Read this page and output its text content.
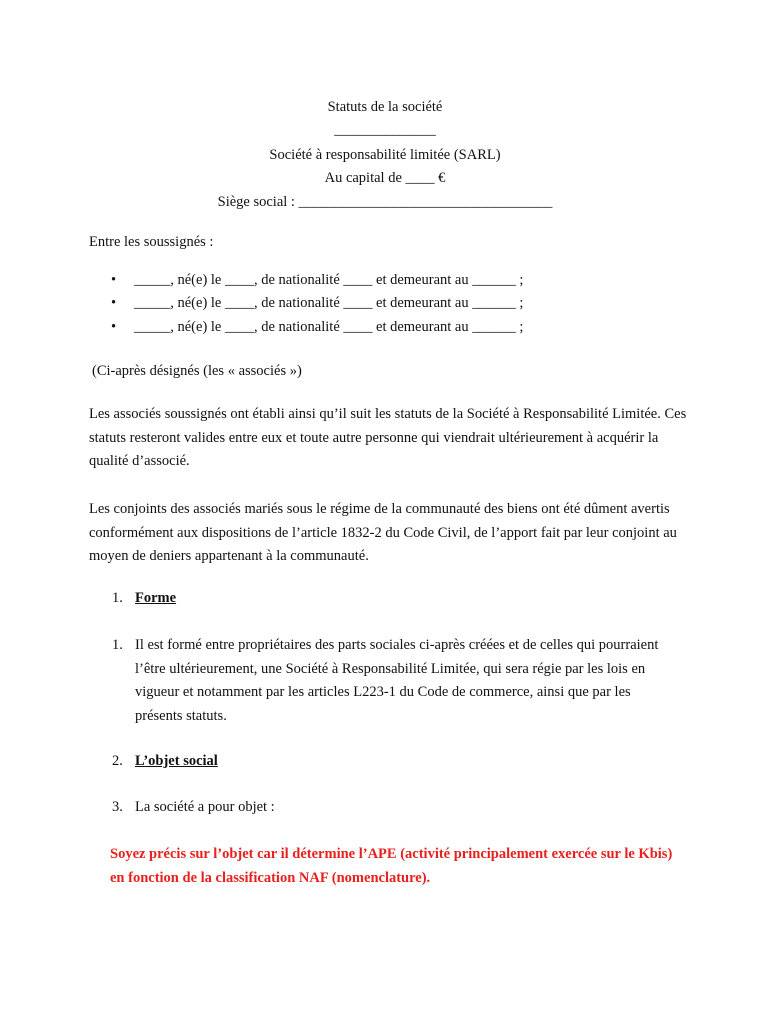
Statuts de la société
______________
Société à responsabilité limitée (SARL)
Au capital de ____ €
Siège social : ___________________________________
Entre les soussignés :
• _____, né(e) le ____, de nationalité ____ et demeurant au ______ ;
• _____, né(e) le ____, de nationalité ____ et demeurant au ______ ;
• _____, né(e) le ____, de nationalité ____ et demeurant au ______ ;
(Ci-après désignés (les « associés »)
Les associés soussignés ont établi ainsi qu’il suit les statuts de la Société à Responsabilité Limitée. Ces statuts resteront valides entre eux et toute autre personne qui viendrait ultérieurement à acquérir la qualité d’associé.
Les conjoints des associés mariés sous le régime de la communauté des biens ont été dûment avertis conformément aux dispositions de l’article 1832-2 du Code Civil, de l’apport fait par leur conjoint au moyen de deniers appartenant à la communauté.
1. Forme
1. Il est formé entre propriétaires des parts sociales ci-après créées et de celles qui pourraient l’être ultérieurement, une Société à Responsabilité Limitée, qui sera régie par les lois en vigueur et notamment par les articles L223-1 du Code de commerce, ainsi que par les présents statuts.
2. L’objet social
3. La société a pour objet :
Soyez précis sur l’objet car il détermine l’APE (activité principalement exercée sur le Kbis) en fonction de la classification NAF (nomenclature).
